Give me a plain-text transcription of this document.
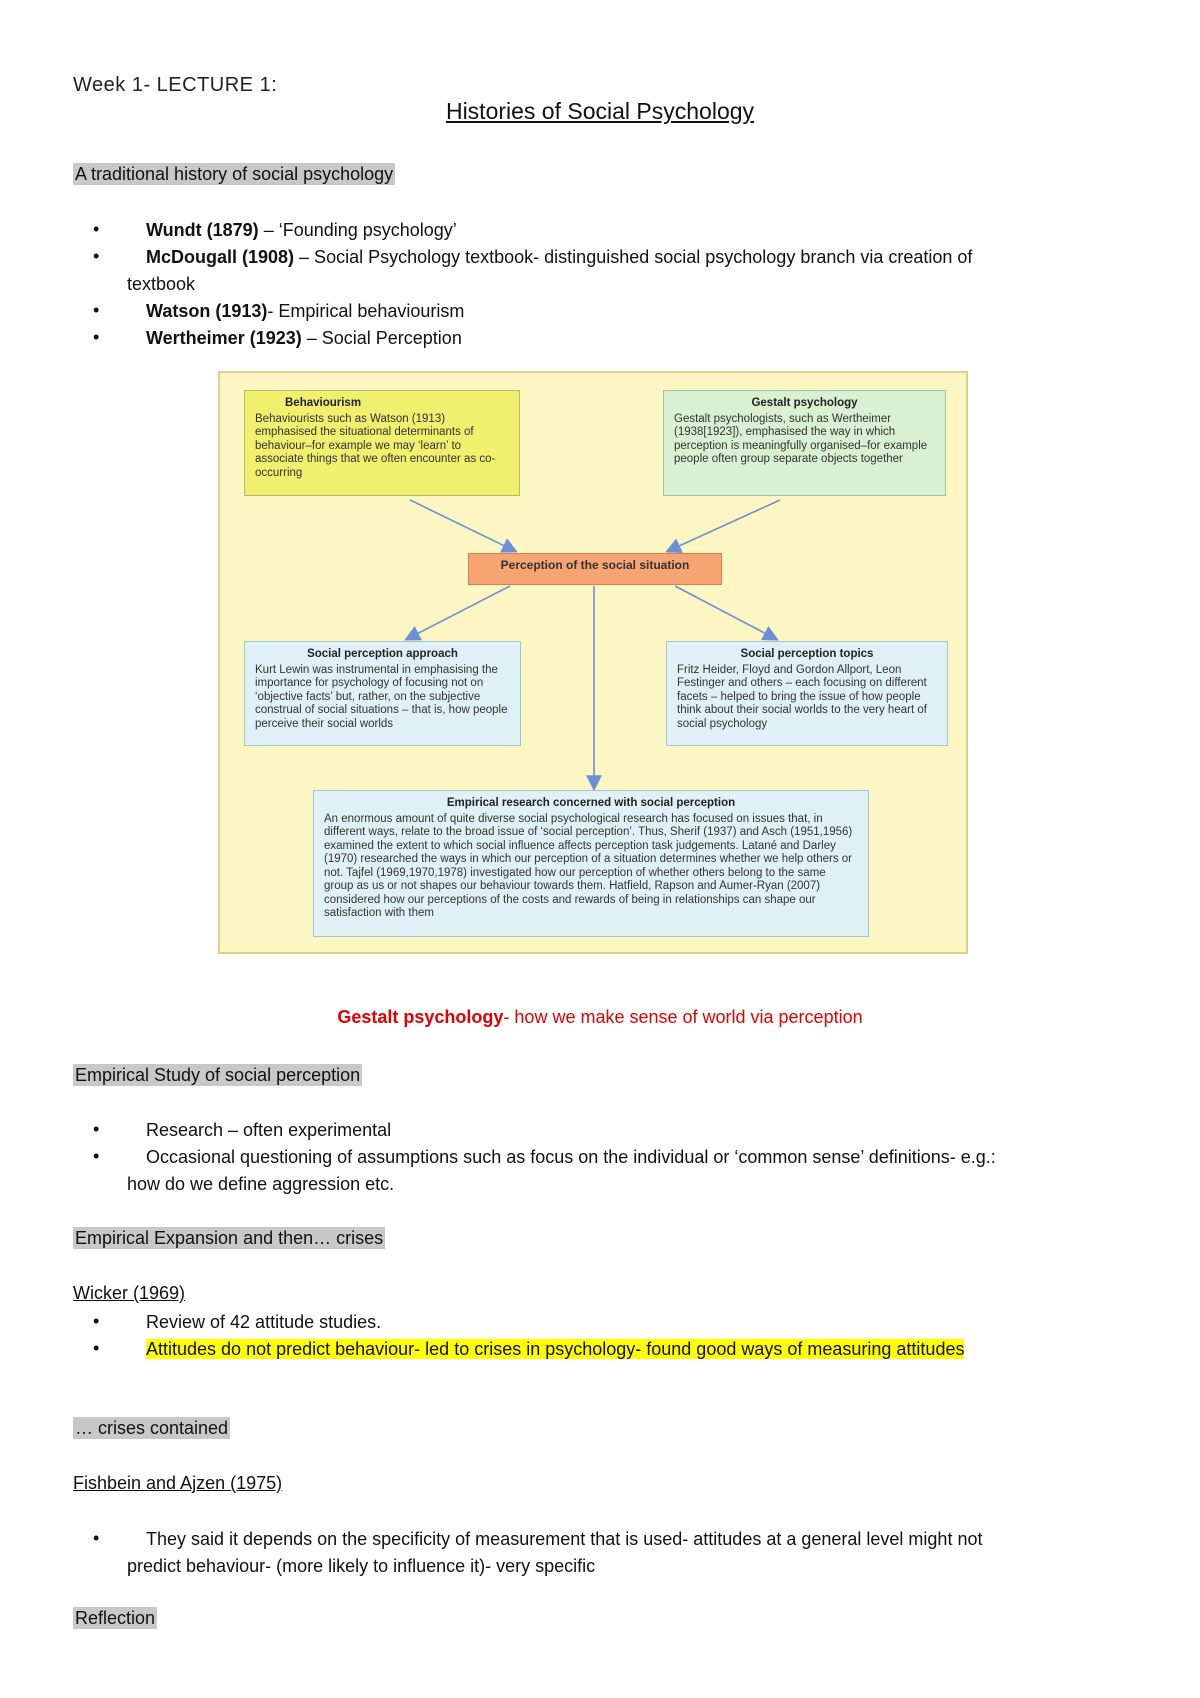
Week 1- LECTURE 1:
Histories of Social Psychology
A traditional history of social psychology
•	Wundt (1879) – ‘Founding psychology’
•	McDougall (1908) – Social Psychology textbook- distinguished social psychology branch via creation of
textbook
•	Watson (1913)- Empirical behaviourism
•	Wertheimer (1923) – Social Perception
Behaviourism
Behaviourists such as Watson (1913) emphasised the situational determinants of behaviour–for example we may ‘learn’ to associate things that we often encounter as co-occurring
Gestalt psychology
Gestalt psychologists, such as Wertheimer (1938[1923]), emphasised the way in which perception is meaningfully organised–for example people often group separate objects together
Perception of the social situation
Social perception approach
Kurt Lewin was instrumental in emphasising the importance for psychology of focusing not on ‘objective facts’ but, rather, on the subjective construal of social situations – that is, how people perceive their social worlds
Social perception topics
Fritz Heider, Floyd and Gordon Allport, Leon Festinger and others – each focusing on different facets – helped to bring the issue of how people think about their social worlds to the very heart of social psychology
Empirical research concerned with social perception
An enormous amount of quite diverse social psychological research has focused on issues that, in different ways, relate to the broad issue of ‘social perception’. Thus, Sherif (1937) and Asch (1951,1956) examined the extent to which social influence affects perception task judgements. Latané and Darley (1970) researched the ways in which our perception of a situation determines whether we help others or not. Tajfel (1969,1970,1978) investigated how our perception of whether others belong to the same group as us or not shapes our behaviour towards them. Hatfield, Rapson and Aumer-Ryan (2007) considered how our perceptions of the costs and rewards of being in relationships can shape our satisfaction with them
Gestalt psychology- how we make sense of world via perception
Empirical Study of social perception
•	Research – often experimental
•	Occasional questioning of assumptions such as focus on the individual or ‘common sense’ definitions- e.g.:
how do we define aggression etc.
Empirical Expansion and then… crises
Wicker (1969)
•	Review of 42 attitude studies.
•	Attitudes do not predict behaviour- led to crises in psychology- found good ways of measuring attitudes
… crises contained
Fishbein and Ajzen (1975)
•	They said it depends on the specificity of measurement that is used- attitudes at a general level might not
predict behaviour- (more likely to influence it)- very specific
Reflection
